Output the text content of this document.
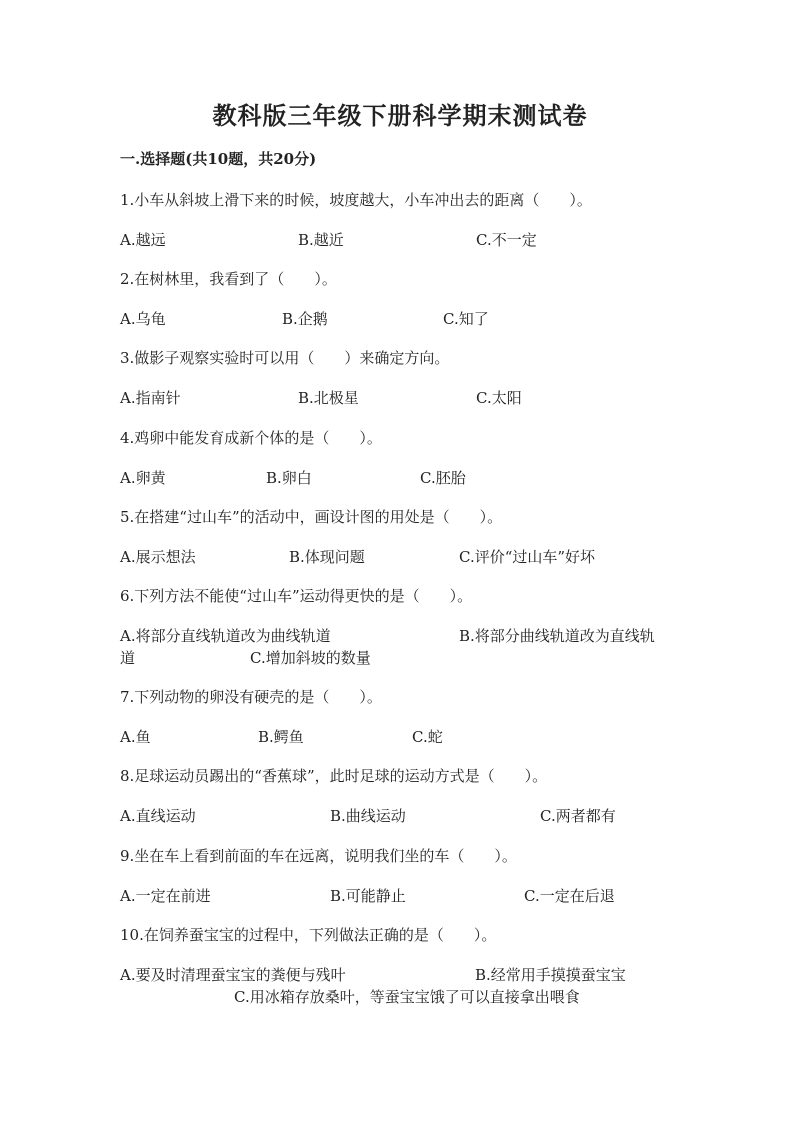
教科版三年级下册科学期末测试卷
一.选择题(共10题，共20分)
1.小车从斜坡上滑下来的时候，坡度越大，小车冲出去的距离（　　）。
A.越远	B.越近	C.不一定
2.在树林里，我看到了（　　）。
A.乌龟	B.企鹅	C.知了
3.做影子观察实验时可以用（　　）来确定方向。
A.指南针	B.北极星	C.太阳
4.鸡卵中能发育成新个体的是（　　）。
A.卵黄	B.卵白	C.胚胎
5.在搭建“过山车”的活动中，画设计图的用处是（　　）。
A.展示想法	B.体现问题	C.评价“过山车”好坏
6.下列方法不能使“过山车”运动得更快的是（　　）。
A.将部分直线轨道改为曲线轨道	B.将部分曲线轨道改为直线轨
道	C.增加斜坡的数量
7.下列动物的卵没有硬壳的是（　　）。
A.鱼	B.鳄鱼	C.蛇
8.足球运动员踢出的“香蕉球”，此时足球的运动方式是（　　）。
A.直线运动	B.曲线运动	C.两者都有
9.坐在车上看到前面的车在远离，说明我们坐的车（　　）。
A.一定在前进	B.可能静止	C.一定在后退
10.在饲养蚕宝宝的过程中，下列做法正确的是（　　）。
A.要及时清理蚕宝宝的粪便与残叶	B.经常用手摸摸蚕宝宝
C.用冰箱存放桑叶，等蚕宝宝饿了可以直接拿出喂食
